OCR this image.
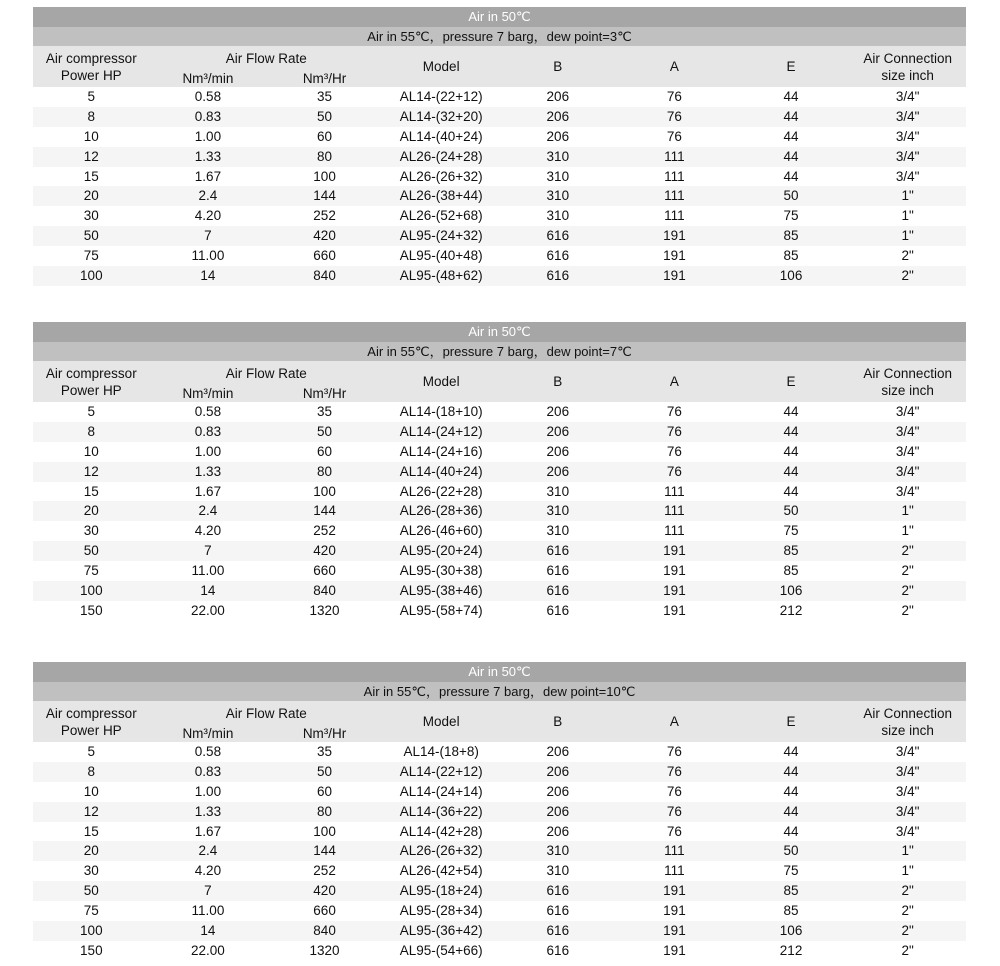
Air in 50℃
Air in 55℃，pressure 7 barg，dew point=3℃
Air compressor
Power HP
Air Flow Rate
Nm³/min	Nm³/Hr
Model	B	A	E
Air Connection
size inch
5	0.58	35	AL14-(22+12)	206	76	44	3/4"
8	0.83	50	AL14-(32+20)	206	76	44	3/4"
10	1.00	60	AL14-(40+24)	206	76	44	3/4"
12	1.33	80	AL26-(24+28)	310	111	44	3/4"
15	1.67	100	AL26-(26+32)	310	111	44	3/4"
20	2.4	144	AL26-(38+44)	310	111	50	1"
30	4.20	252	AL26-(52+68)	310	111	75	1"
50	7	420	AL95-(24+32)	616	191	85	1"
75	11.00	660	AL95-(40+48)	616	191	85	2"
100	14	840	AL95-(48+62)	616	191	106	2"
Air in 50℃
Air in 55℃，pressure 7 barg，dew point=7℃
Air compressor
Power HP
Air Flow Rate
Nm³/min	Nm³/Hr
Model	B	A	E
Air Connection
size inch
5	0.58	35	AL14-(18+10)	206	76	44	3/4"
8	0.83	50	AL14-(24+12)	206	76	44	3/4"
10	1.00	60	AL14-(24+16)	206	76	44	3/4"
12	1.33	80	AL14-(40+24)	206	76	44	3/4"
15	1.67	100	AL26-(22+28)	310	111	44	3/4"
20	2.4	144	AL26-(28+36)	310	111	50	1"
30	4.20	252	AL26-(46+60)	310	111	75	1"
50	7	420	AL95-(20+24)	616	191	85	2"
75	11.00	660	AL95-(30+38)	616	191	85	2"
100	14	840	AL95-(38+46)	616	191	106	2"
150	22.00	1320	AL95-(58+74)	616	191	212	2"
Air in 50℃
Air in 55℃，pressure 7 barg，dew point=10℃
Air compressor
Power HP
Air Flow Rate
Nm³/min	Nm³/Hr
Model	B	A	E
Air Connection
size inch
5	0.58	35	AL14-(18+8)	206	76	44	3/4"
8	0.83	50	AL14-(22+12)	206	76	44	3/4"
10	1.00	60	AL14-(24+14)	206	76	44	3/4"
12	1.33	80	AL14-(36+22)	206	76	44	3/4"
15	1.67	100	AL14-(42+28)	206	76	44	3/4"
20	2.4	144	AL26-(26+32)	310	111	50	1"
30	4.20	252	AL26-(42+54)	310	111	75	1"
50	7	420	AL95-(18+24)	616	191	85	2"
75	11.00	660	AL95-(28+34)	616	191	85	2"
100	14	840	AL95-(36+42)	616	191	106	2"
150	22.00	1320	AL95-(54+66)	616	191	212	2"
